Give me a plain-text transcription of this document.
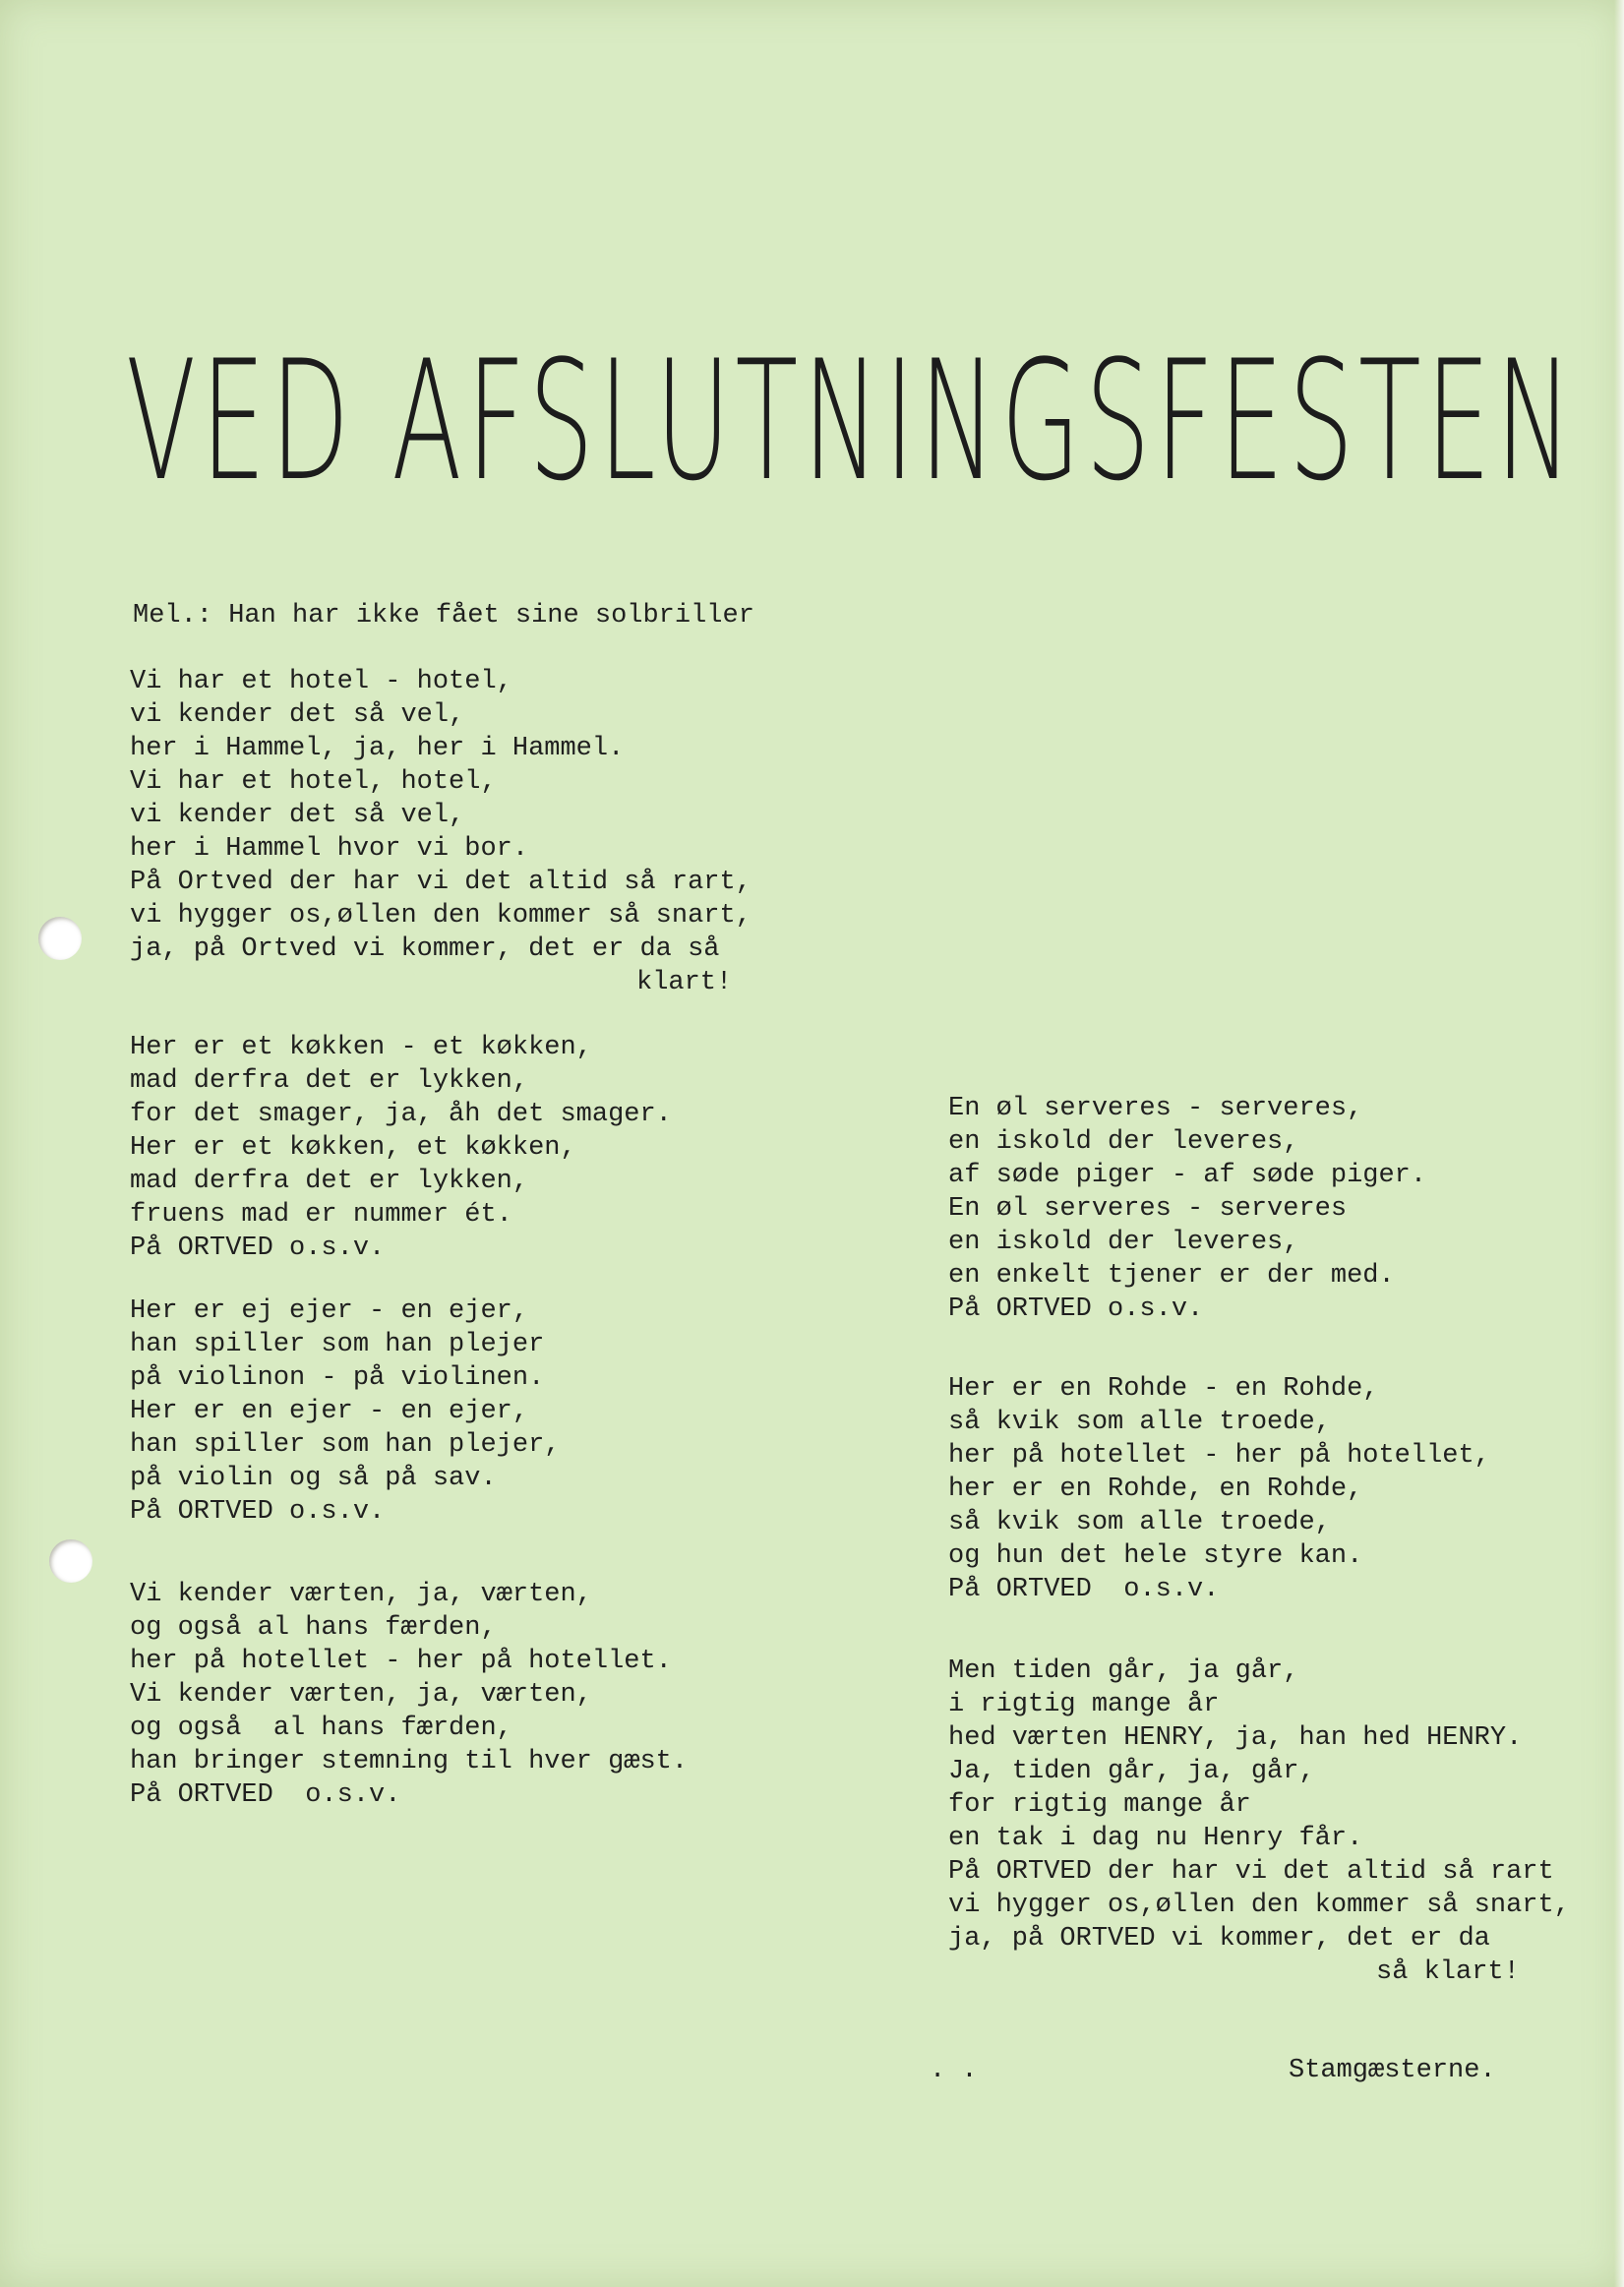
VED AFSLUTNINGSFESTEN
Mel.: Han har ikke fået sine solbriller
Vi har et hotel - hotel,
vi kender det så vel,
her i Hammel, ja, her i Hammel.
Vi har et hotel, hotel,
vi kender det så vel,
her i Hammel hvor vi bor.
På Ortved der har vi det altid så rart,
vi hygger os,øllen den kommer så snart,
ja, på Ortved vi kommer, det er da så
klart!
Her er et køkken - et køkken,
mad derfra det er lykken,
for det smager, ja, åh det smager.
Her er et køkken, et køkken,
mad derfra det er lykken,
fruens mad er nummer ét.
På ORTVED o.s.v.
Her er ej ejer - en ejer,
han spiller som han plejer
på violinon - på violinen.
Her er en ejer - en ejer,
han spiller som han plejer,
på violin og så på sav.
På ORTVED o.s.v.
Vi kender værten, ja, værten,
og også al hans færden,
her på hotellet - her på hotellet.
Vi kender værten, ja, værten,
og også  al hans færden,
han bringer stemning til hver gæst.
På ORTVED  o.s.v.
En øl serveres - serveres,
en iskold der leveres,
af søde piger - af søde piger.
En øl serveres - serveres
en iskold der leveres,
en enkelt tjener er der med.
På ORTVED o.s.v.
Her er en Rohde - en Rohde,
så kvik som alle troede,
her på hotellet - her på hotellet,
her er en Rohde, en Rohde,
så kvik som alle troede,
og hun det hele styre kan.
På ORTVED  o.s.v.
Men tiden går, ja går,
i rigtig mange år
hed værten HENRY, ja, han hed HENRY.
Ja, tiden går, ja, går,
for rigtig mange år
en tak i dag nu Henry får.
På ORTVED der har vi det altid så rart
vi hygger os,øllen den kommer så snart,
ja, på ORTVED vi kommer, det er da
så klart!
. .	Stamgæsterne.
